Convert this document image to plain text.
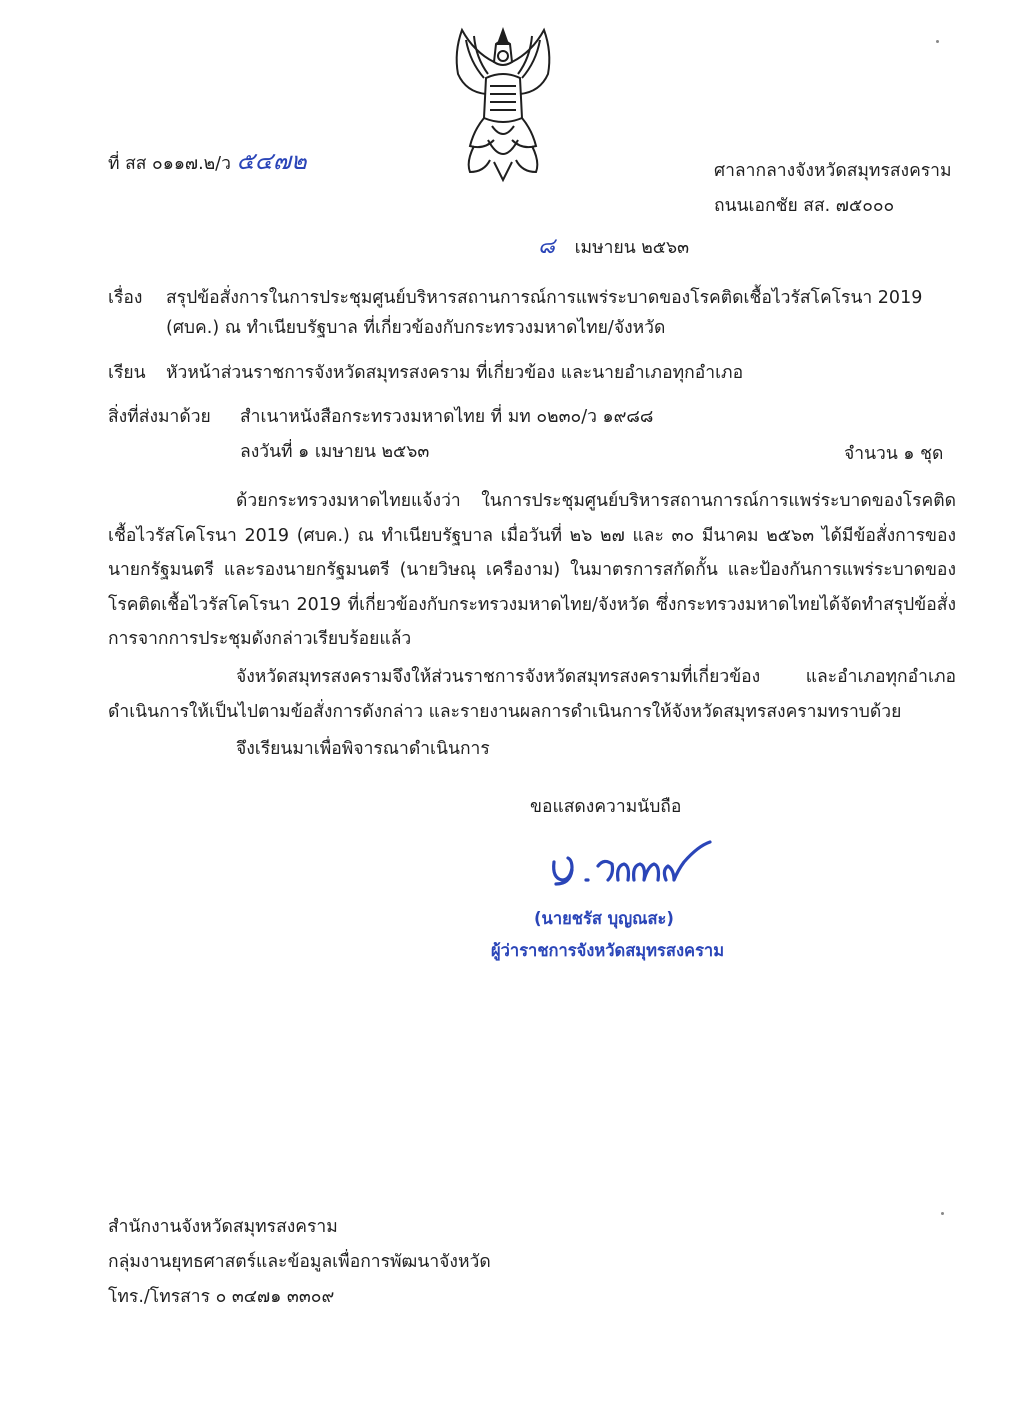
ที่ สส ๐๑๑๗.๒/ว ๕๔๗๒	ศาลากลางจังหวัดสมุทรสงคราม
ถนนเอกชัย สส. ๗๕๐๐๐
๘ เมษายน ๒๕๖๓
เรื่อง สรุปข้อสั่งการในการประชุมศูนย์บริหารสถานการณ์การแพร่ระบาดของโรคติดเชื้อไวรัสโคโรนา 2019
(ศบค.) ณ ทำเนียบรัฐบาล ที่เกี่ยวข้องกับกระทรวงมหาดไทย/จังหวัด
เรียน หัวหน้าส่วนราชการจังหวัดสมุทรสงคราม ที่เกี่ยวข้อง และนายอำเภอทุกอำเภอ
สิ่งที่ส่งมาด้วย สำเนาหนังสือกระทรวงมหาดไทย ที่ มท ๐๒๓๐/ว ๑๙๘๘
ลงวันที่ ๑ เมษายน ๒๕๖๓	จำนวน ๑ ชุด
ด้วยกระทรวงมหาดไทยแจ้งว่า ในการประชุมศูนย์บริหารสถานการณ์การแพร่ระบาดของโรคติดเชื้อไวรัสโคโรนา 2019 (ศบค.) ณ ทำเนียบรัฐบาล เมื่อวันที่ ๒๖ ๒๗ และ ๓๐ มีนาคม ๒๕๖๓ ได้มีข้อสั่งการของนายกรัฐมนตรี และรองนายกรัฐมนตรี (นายวิษณุ เครืองาม) ในมาตรการสกัดกั้น และป้องกันการแพร่ระบาดของโรคติดเชื้อไวรัสโคโรนา 2019 ที่เกี่ยวข้องกับกระทรวงมหาดไทย/จังหวัด ซึ่งกระทรวงมหาดไทยได้จัดทำสรุปข้อสั่งการจากการประชุมดังกล่าวเรียบร้อยแล้ว
จังหวัดสมุทรสงครามจึงให้ส่วนราชการจังหวัดสมุทรสงครามที่เกี่ยวข้อง และอำเภอทุกอำเภอดำเนินการให้เป็นไปตามข้อสั่งการดังกล่าว และรายงานผลการดำเนินการให้จังหวัดสมุทรสงครามทราบด้วย
จึงเรียนมาเพื่อพิจารณาดำเนินการ
ขอแสดงความนับถือ
(นายชรัส บุญณสะ)
ผู้ว่าราชการจังหวัดสมุทรสงคราม
สำนักงานจังหวัดสมุทรสงคราม
กลุ่มงานยุทธศาสตร์และข้อมูลเพื่อการพัฒนาจังหวัด
โทร./โทรสาร ๐ ๓๔๗๑ ๓๓๐๙
